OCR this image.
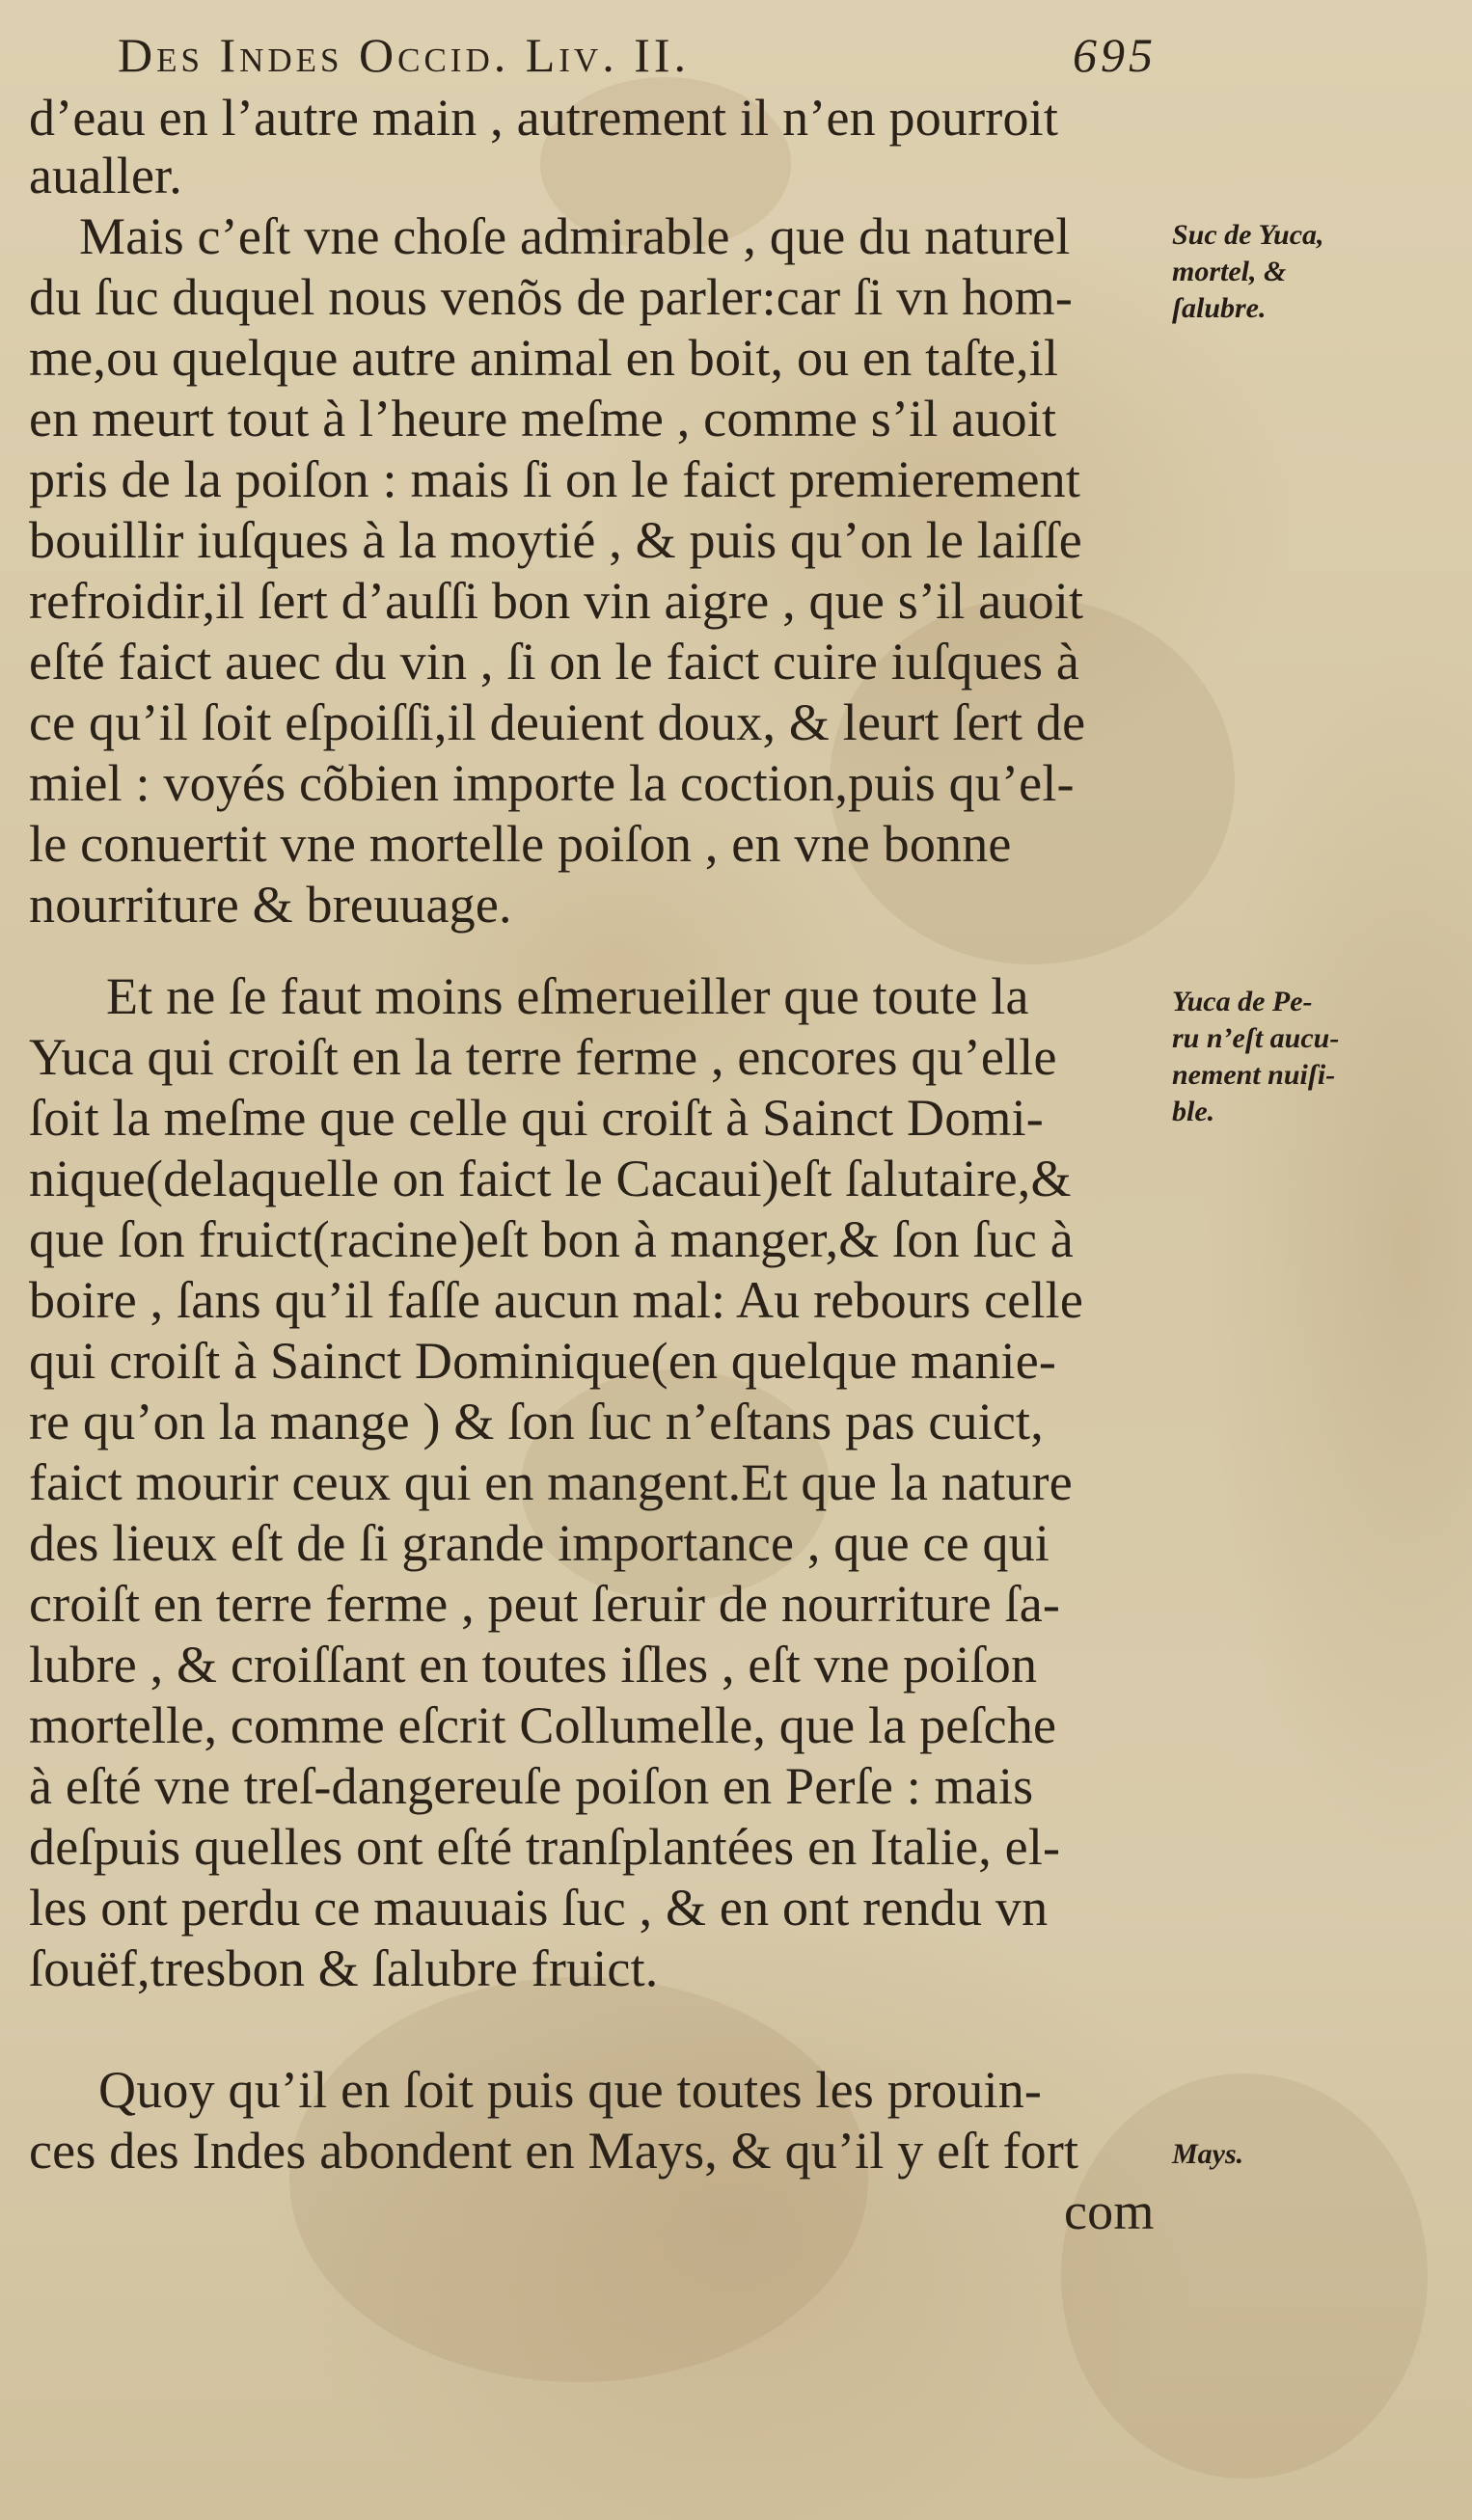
Des Indes Occid. Liv. II.	695
d’eau en l’autre main , autrement il n’en pourroit
aualler.
Mais c’eſt vne choſe admirable , que du naturel
du ſuc duquel nous venõs de parler:car ſi vn hom-
me,ou quelque autre animal en boit, ou en taſte,il
en meurt tout à l’heure meſme , comme s’il auoit
pris de la poiſon : mais ſi on le faict premierement
bouillir iuſques à la moytié , & puis qu’on le laiſſe
refroidir,il ſert d’auſſi bon vin aigre , que s’il auoit
eſté faict auec du vin , ſi on le faict cuire iuſques à
ce qu’il ſoit eſpoiſſi,il deuient doux, & leurt ſert de
miel : voyés cõbien importe la coction,puis qu’el-
le conuertit vne mortelle poiſon , en vne bonne
nourriture & breuuage.
Et ne ſe faut moins eſmerueiller que toute la
Yuca qui croiſt en la terre ferme , encores qu’elle
ſoit la meſme que celle qui croiſt à Sainct Domi-
nique(delaquelle on faict le Cacaui)eſt ſalutaire,&
que ſon fruict(racine)eſt bon à manger,& ſon ſuc à
boire , ſans qu’il faſſe aucun mal: Au rebours celle
qui croiſt à Sainct Dominique(en quelque manie-
re qu’on la mange ) & ſon ſuc n’eſtans pas cuict,
faict mourir ceux qui en mangent.Et que la nature
des lieux eſt de ſi grande importance , que ce qui
croiſt en terre ferme , peut ſeruir de nourriture ſa-
lubre , & croiſſant en toutes iſles , eſt vne poiſon
mortelle, comme eſcrit Collumelle, que la peſche
à eſté vne treſ-dangereuſe poiſon en Perſe : mais
deſpuis quelles ont eſté tranſplantées en Italie, el-
les ont perdu ce mauuais ſuc , & en ont rendu vn
ſouëf,tresbon & ſalubre fruict.
Quoy qu’il en ſoit puis que toutes les prouin-
ces des Indes abondent en Mays, & qu’il y eſt fort
com
Suc de Yuca,
mortel, &
ſalubre.
Yuca de Pe-
ru n’eſt aucu-
nement nuiſi-
ble.
Mays.
